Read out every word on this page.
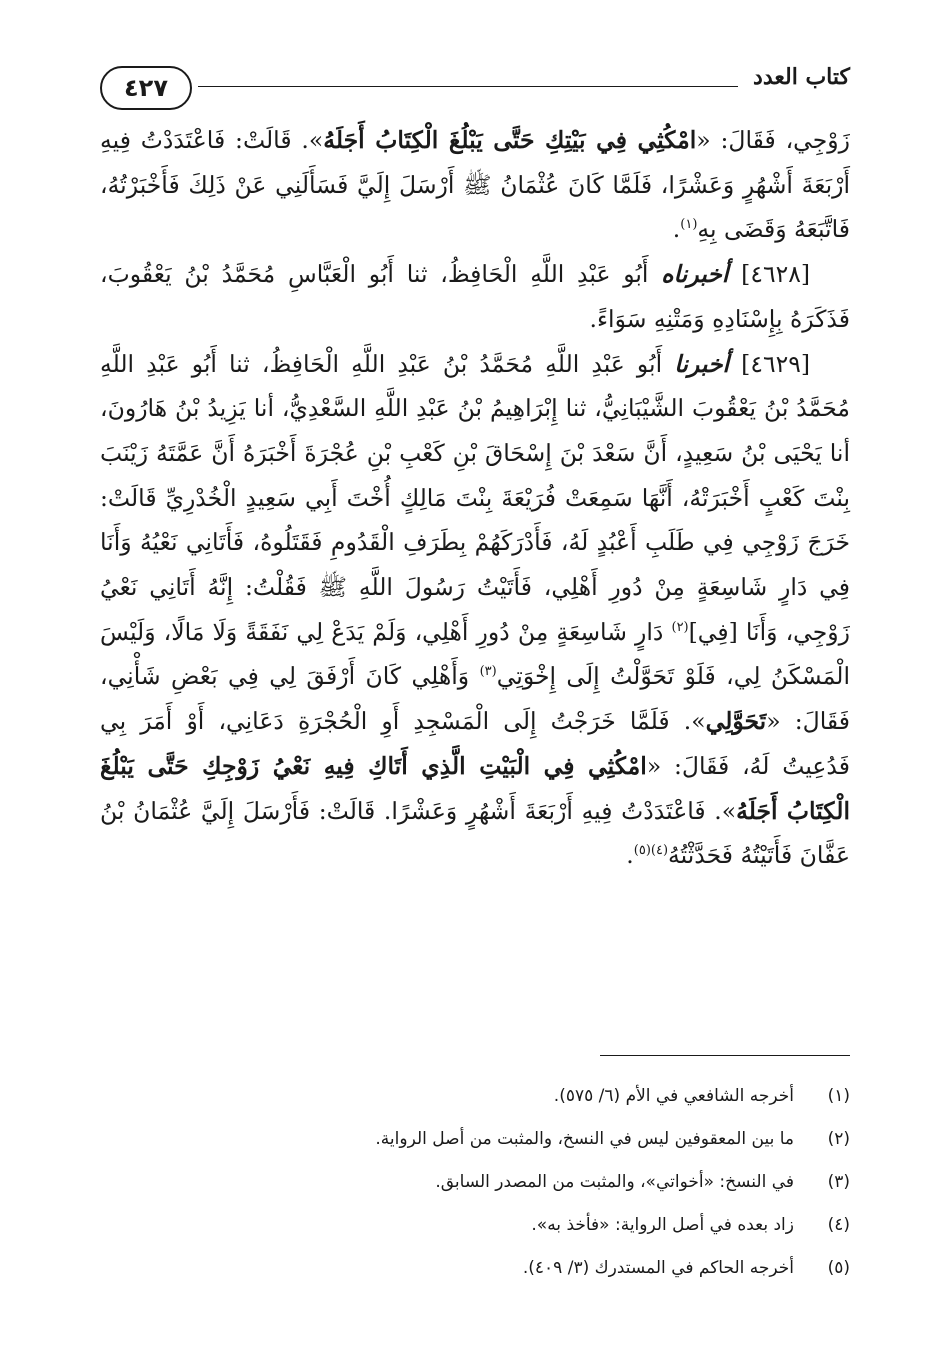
٤٢٧	كتاب العدد

زَوْجِي، فَقَالَ: «امْكُثِي فِي بَيْتِكِ حَتَّى يَبْلُغَ الْكِتَابُ أَجَلَهُ». قَالَتْ: فَاعْتَدَدْتُ فِيهِ أَرْبَعَةَ أَشْهُرٍ وَعَشْرًا، فَلَمَّا كَانَ عُثْمَانُ ﷺ أَرْسَلَ إِلَيَّ فَسَأَلَنِي عَنْ ذَلِكَ فَأَخْبَرْتُهُ، فَاتَّبَعَهُ وَقَضَى بِهِ$^{(١)}$.

[٤٦٢٨] أخبرناه أَبُو عَبْدِ اللَّهِ الْحَافِظُ، ثنا أَبُو الْعَبَّاسِ مُحَمَّدُ بْنُ يَعْقُوبَ، فَذَكَرَهُ بِإِسْنَادِهِ وَمَتْنِهِ سَوَاءً.

[٤٦٢٩] أخبرنا أَبُو عَبْدِ اللَّهِ مُحَمَّدُ بْنُ عَبْدِ اللَّهِ الْحَافِظُ، ثنا أَبُو عَبْدِ اللَّهِ مُحَمَّدُ بْنُ يَعْقُوبَ الشَّيْبَانِيُّ، ثنا إِبْرَاهِيمُ بْنُ عَبْدِ اللَّهِ السَّعْدِيُّ، أنا يَزِيدُ بْنُ هَارُونَ، أنا يَحْيَى بْنُ سَعِيدٍ، أَنَّ سَعْدَ بْنَ إِسْحَاقَ بْنِ كَعْبِ بْنِ عُجْرَةَ أَخْبَرَهُ أَنَّ عَمَّتَهُ زَيْنَبَ بِنْتَ كَعْبٍ أَخْبَرَتْهُ، أَنَّهَا سَمِعَتْ فُرَيْعَةَ بِنْتَ مَالِكٍ أُخْتَ أَبِي سَعِيدٍ الْخُدْرِيِّ قَالَتْ: خَرَجَ زَوْجِي فِي طَلَبِ أَعْبُدٍ لَهُ، فَأَدْرَكَهُمْ بِطَرَفِ الْقَدُومِ فَقَتَلُوهُ، فَأَتَانِي نَعْيُهُ وَأَنَا فِي دَارٍ شَاسِعَةٍ مِنْ دُورِ أَهْلِي، فَأَتَيْتُ رَسُولَ اللَّهِ ﷺ فَقُلْتُ: إِنَّهُ أَتَانِي نَعْيُ زَوْجِي، وَأَنَا [فِي]$^{(٢)}$ دَارٍ شَاسِعَةٍ مِنْ دُورِ أَهْلِي، وَلَمْ يَدَعْ لِي نَفَقَةً وَلَا مَالًا، وَلَيْسَ الْمَسْكَنُ لِي، فَلَوْ تَحَوَّلْتُ إِلَى إِخْوَتِي$^{(٣)}$ وَأَهْلِي كَانَ أَرْفَقَ لِي فِي بَعْضِ شَأْنِي، فَقَالَ: «تَحَوَّلِي». فَلَمَّا خَرَجْتُ إِلَى الْمَسْجِدِ أَوِ الْحُجْرَةِ دَعَانِي، أَوْ أَمَرَ بِي فَدُعِيتُ لَهُ، فَقَالَ: «امْكُثِي فِي الْبَيْتِ الَّذِي أَتَاكِ فِيهِ نَعْيُ زَوْجِكِ حَتَّى يَبْلُغَ الْكِتَابُ أَجَلَهُ». فَاعْتَدَدْتُ فِيهِ أَرْبَعَةَ أَشْهُرٍ وَعَشْرًا. قَالَتْ: فَأَرْسَلَ إِلَيَّ عُثْمَانُ بْنُ عَفَّانَ فَأَتَيْتُهُ فَحَدَّثْتُهُ$^{(٤)(٥)}$.

(١)
أخرجه الشافعي في الأم (٦/ ٥٧٥).
(٢)
ما بين المعقوفين ليس في النسخ، والمثبت من أصل الرواية.
(٣)
في النسخ: «أخواتي»، والمثبت من المصدر السابق.
(٤)
زاد بعده في أصل الرواية: «فأخذ به».
(٥)
أخرجه الحاكم في المستدرك (٣/ ٤٠٩).
